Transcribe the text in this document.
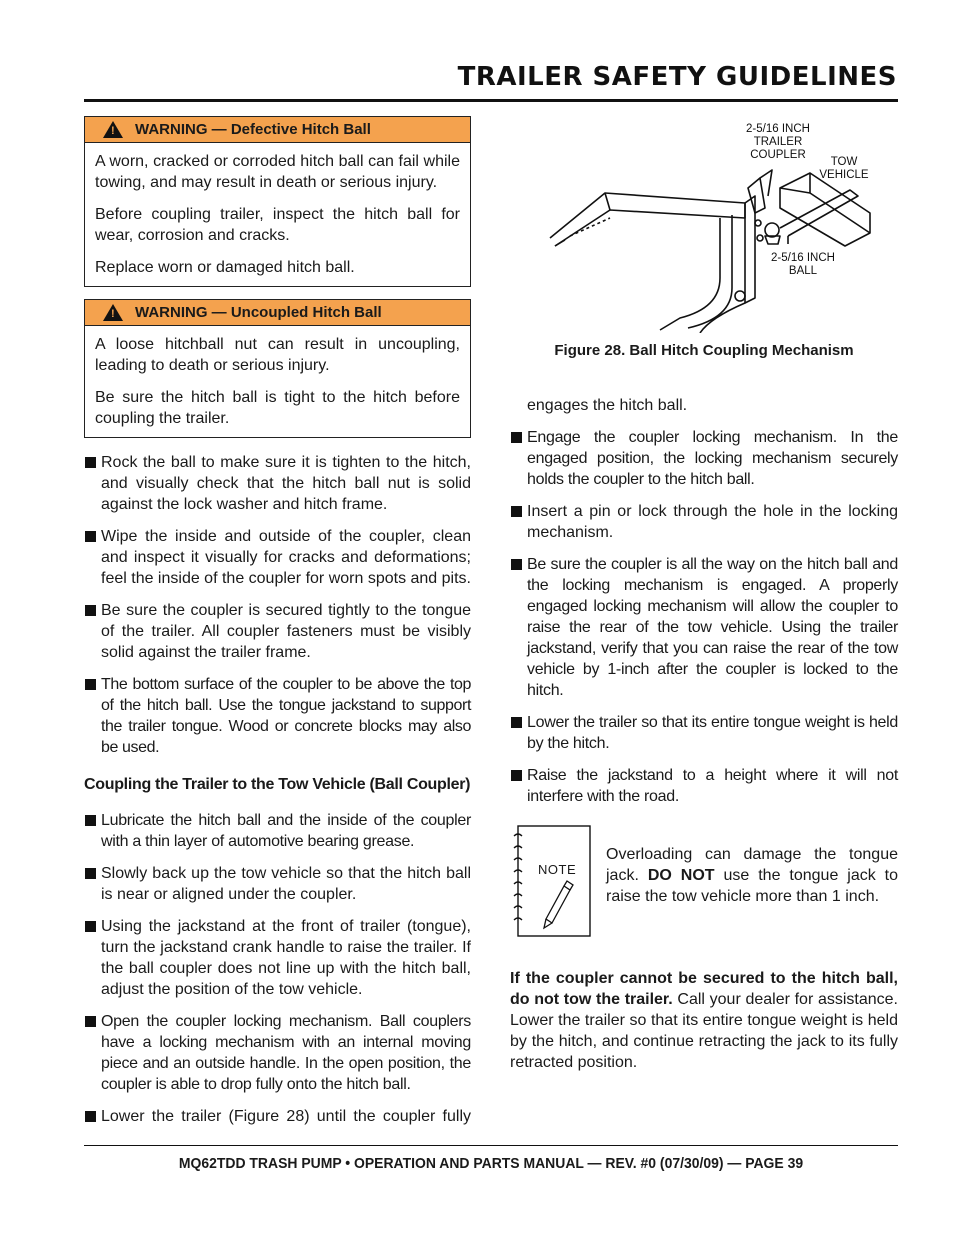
TRAILER SAFETY GUIDELINES
! WARNING — Defective Hitch Ball

A worn, cracked or corroded hitch ball can fail while towing, and may result in death or serious injury.

Before coupling trailer, inspect the hitch ball for wear, corrosion and cracks.

Replace worn or damaged hitch ball.

! WARNING — Uncoupled Hitch Ball

A loose hitchball nut can result in uncoupling, leading to death or serious injury.

Be sure the hitch ball is tight to the hitch before coupling the trailer.

Rock the ball to make sure it is tighten to the hitch, and visually check that the hitch ball nut is solid against the lock washer and hitch frame.
Wipe the inside and outside of the coupler, clean and inspect it visually for cracks and deformations; feel the inside of the coupler for worn spots and pits.
Be sure the coupler is secured tightly to the tongue of the trailer. All coupler fasteners must be visibly solid against the trailer frame.
The bottom surface of the coupler to be above the top of the hitch ball. Use the tongue jackstand to support the trailer tongue. Wood or concrete blocks may also be used.
Coupling the Trailer to the Tow Vehicle (Ball Coupler)
Lubricate the hitch ball and the inside of the coupler with a thin layer of automotive bearing grease.
Slowly back up the tow vehicle so that the hitch ball is near or aligned under the coupler.
Using the jackstand at the front of trailer (tongue), turn the jackstand crank handle to raise the trailer. If the ball coupler does not line up with the hitch ball, adjust the position of the tow vehicle.
Open the coupler locking mechanism. Ball couplers have a locking mechanism with an internal moving piece and an outside handle. In the open position, the coupler is able to drop fully onto the hitch ball.
Lower the trailer (Figure 28) until the coupler fully
2-5/16 INCH TRAILER COUPLER
TOW VEHICLE
2-5/16 INCH BALL
Figure 28. Ball Hitch Coupling Mechanism
engages the hitch ball.
Engage the coupler locking mechanism. In the engaged position, the locking mechanism securely holds the coupler to the hitch ball.
Insert a pin or lock through the hole in the locking mechanism.
Be sure the coupler is all the way on the hitch ball and the locking mechanism is engaged. A properly engaged locking mechanism will allow the coupler to raise the rear of the tow vehicle. Using the trailer jackstand, verify that you can raise the rear of the tow vehicle by 1-inch after the coupler is locked to the hitch.
Lower the trailer so that its entire tongue weight is held by the hitch.
Raise the jackstand to a height where it will not interfere with the road.
NOTE
Overloading can damage the tongue jack. DO NOT use the tongue jack to raise the tow vehicle more than 1 inch.
If the coupler cannot be secured to the hitch ball, do not tow the trailer. Call your dealer for assistance. Lower the trailer so that its entire tongue weight is held by the hitch, and continue retracting the jack to its fully retracted position.
MQ62TDD TRASH PUMP • OPERATION AND PARTS MANUAL — REV. #0 (07/30/09) — PAGE 39
